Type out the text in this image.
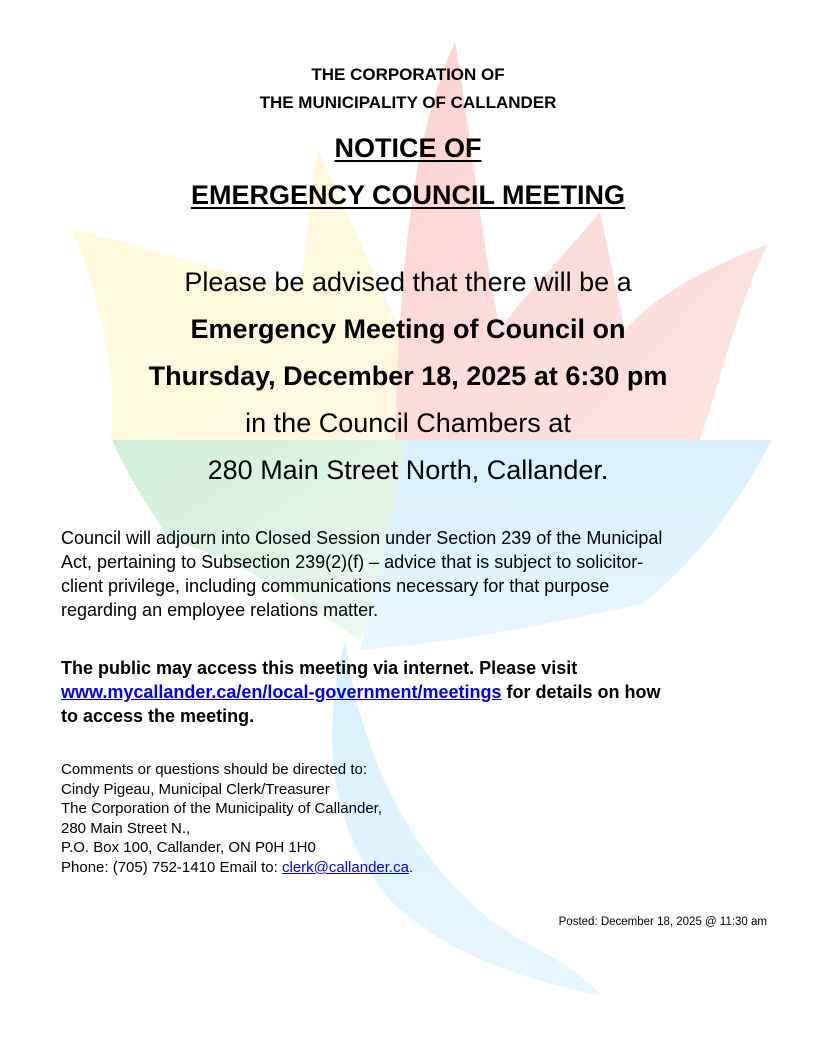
THE CORPORATION OF
THE MUNICIPALITY OF CALLANDER
NOTICE OF
EMERGENCY COUNCIL MEETING
Please be advised that there will be a
Emergency Meeting of Council on
Thursday, December 18, 2025 at 6:30 pm
in the Council Chambers at
280 Main Street North, Callander.
Council will adjourn into Closed Session under Section 239 of the Municipal
Act, pertaining to Subsection 239(2)(f) – advice that is subject to solicitor-
client privilege, including communications necessary for that purpose
regarding an employee relations matter.
The public may access this meeting via internet. Please visit
www.mycallander.ca/en/local-government/meetings for details on how
to access the meeting.
Comments or questions should be directed to:
Cindy Pigeau, Municipal Clerk/Treasurer
The Corporation of the Municipality of Callander,
280 Main Street N.,
P.O. Box 100, Callander, ON P0H 1H0
Phone: (705) 752-1410 Email to: clerk@callander.ca.
Posted: December 18, 2025 @ 11:30 am
